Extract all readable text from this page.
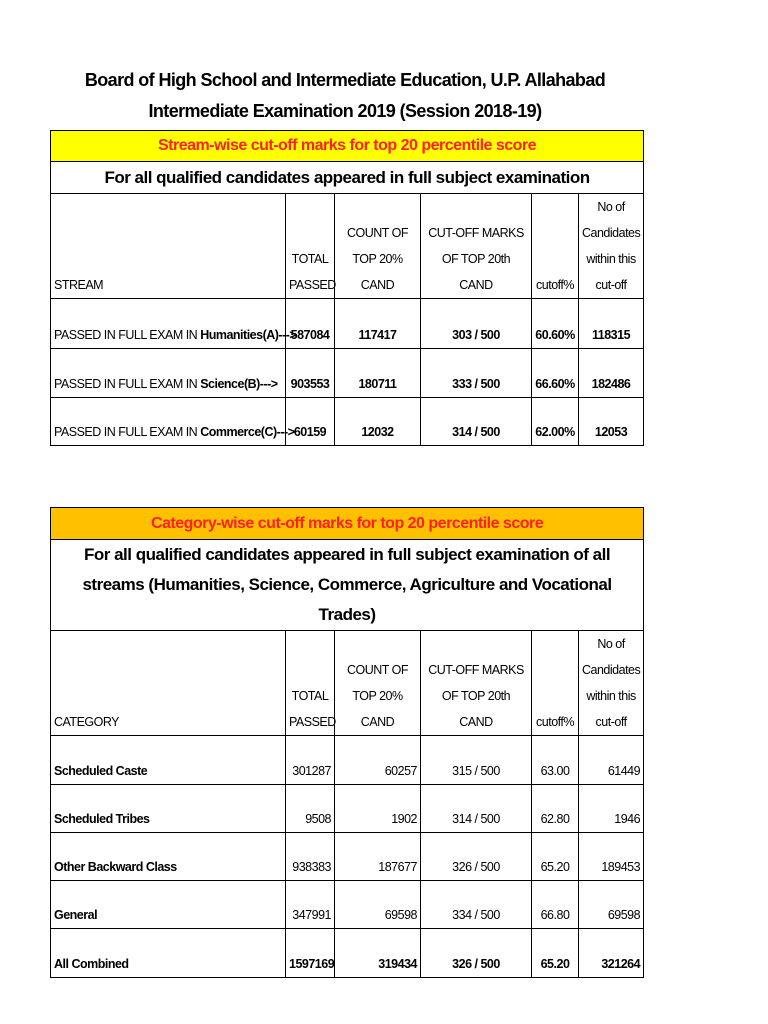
Board of High School and Intermediate Education, U.P. Allahabad
Intermediate Examination 2019 (Session 2018-19)
Stream-wise cut-off marks for top 20 percentile score					
For all qualified candidates appeared in full subject examination					
STREAM	TOTAL PASSED	COUNT OF TOP 20% CAND	CUT-OFF MARKS OF TOP 20th CAND	cutoff%	No of Candidates within this cut-off
PASSED IN FULL EXAM IN Humanities(A)--->	587084	117417	303 / 500	60.60%	118315
PASSED IN FULL EXAM IN Science(B)--->	903553	180711	333 / 500	66.60%	182486
PASSED IN FULL EXAM IN Commerce(C)--->	60159	12032	314 / 500	62.00%	12053
Category-wise cut-off marks for top 20 percentile score					
For all qualified candidates appeared in full subject examination of all streams (Humanities, Science, Commerce, Agriculture and Vocational Trades)					
CATEGORY	TOTAL PASSED	COUNT OF TOP 20% CAND	CUT-OFF MARKS OF TOP 20th CAND	cutoff%	No of Candidates within this cut-off
Scheduled Caste	301287	60257	315 / 500	63.00	61449
Scheduled Tribes	9508	1902	314 / 500	62.80	1946
Other Backward Class	938383	187677	326 / 500	65.20	189453
General	347991	69598	334 / 500	66.80	69598
All Combined	1597169	319434	326 / 500	65.20	321264
